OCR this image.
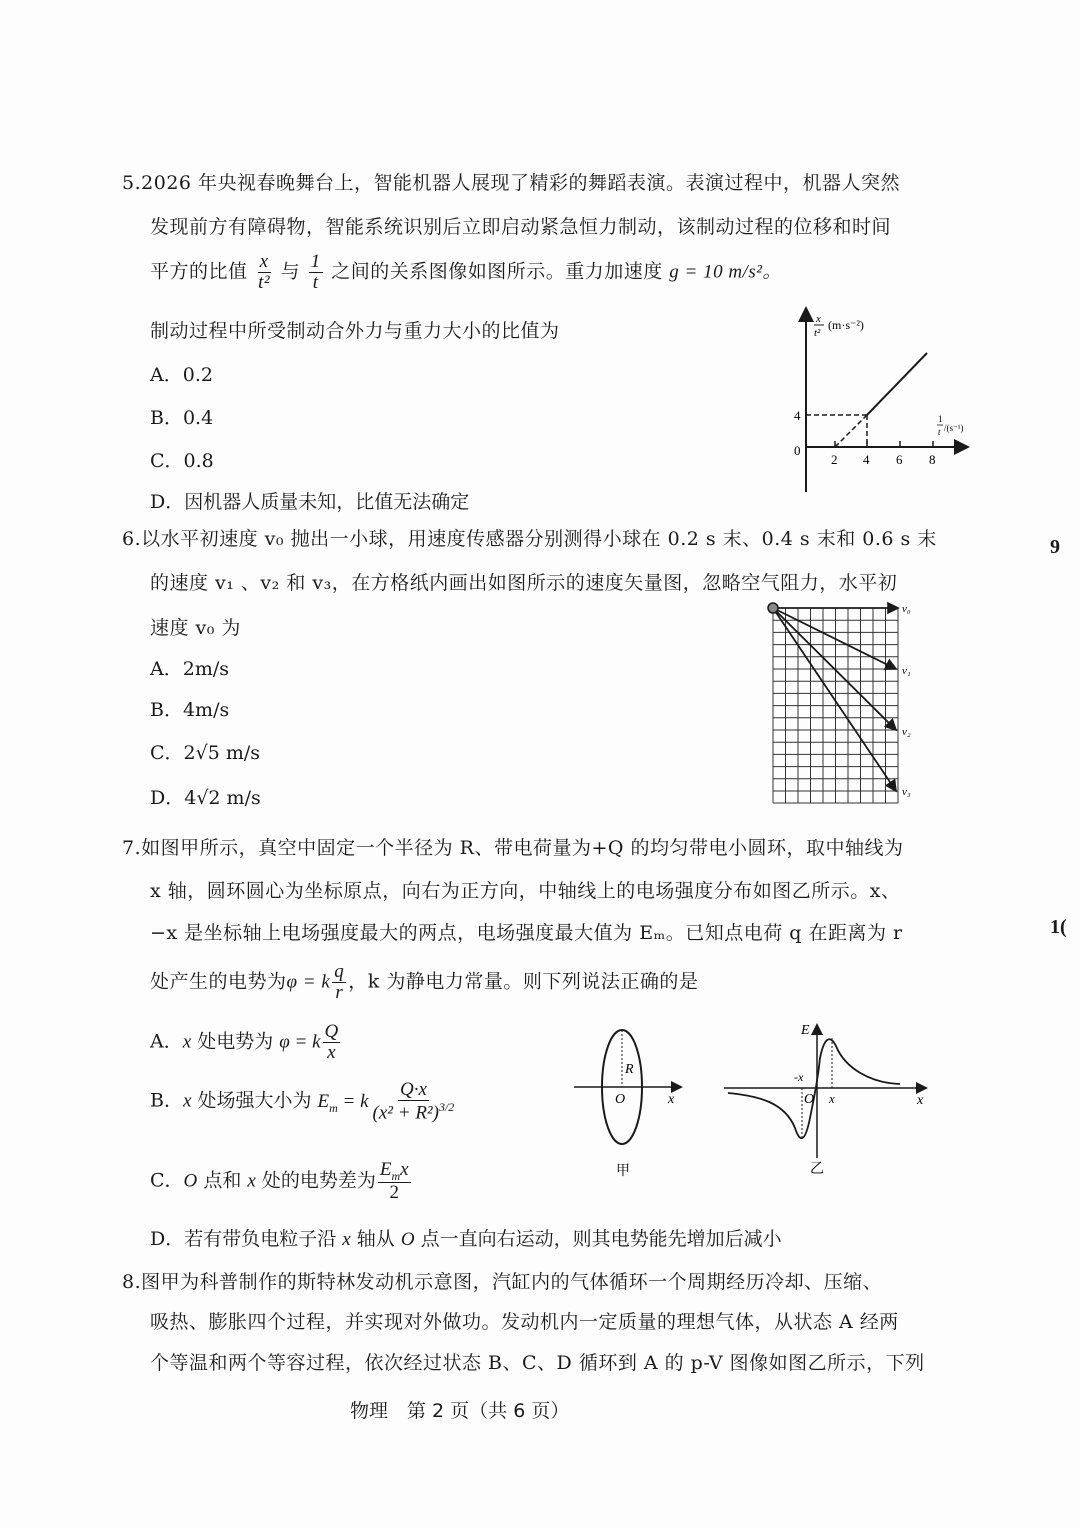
5.2026 年央视春晚舞台上，智能机器人展现了精彩的舞蹈表演。表演过程中，机器人突然
发现前方有障碍物，智能系统识别后立即启动紧急恒力制动，该制动过程的位移和时间
平方的比值 $\frac{x}{\text{t²}}$ 与 $\frac{1}{t}$ 之间的关系图像如图所示。重力加速度 g = 10 m/s²。
制动过程中所受制动合外力与重力大小的比值为
A．0.2
B．0.4
C．0.8
D．因机器人质量未知，比值无法确定
x
t²
(m·s⁻²)
4
0
2 4 6 8
1
t /(s⁻¹)
6.以水平初速度 v₀ 抛出一小球，用速度传感器分别测得小球在 0.2 s 末、0.4 s 末和 0.6 s 末
的速度 v₁ 、v₂ 和 v₃，在方格纸内画出如图所示的速度矢量图，忽略空气阻力，水平初
速度 v₀ 为
A．2m/s
B．4m/s
C．2√5 m/s
D．4√2 m/s
v₀
v₁
v₂
v₃
7.如图甲所示，真空中固定一个半径为 R、带电荷量为+Q 的均匀带电小圆环，取中轴线为
x 轴，圆环圆心为坐标原点，向右为正方向，中轴线上的电场强度分布如图乙所示。x、
−x 是坐标轴上电场强度最大的两点，电场强度最大值为 Eₘ。已知点电荷 q 在距离为 r
处产生的电势为φ = k $\frac{q}{r}$ ，k 为静电力常量。则下列说法正确的是
A．x 处电势为 φ = k $\frac{Q}{x}$
B．x 处场强大小为 $E_m = k \frac{Q\cdot x}{(x^2 + R^2)^{3/2}}$
C．O 点和 x 处的电势差为 $\frac{E_mx}{2}$
D．若有带负电粒子沿 x 轴从 O 点一直向右运动，则其电势能先增加后减小
R
O	x
甲
E
-x
O x	x
乙
8.图甲为科普制作的斯特林发动机示意图，汽缸内的气体循环一个周期经历冷却、压缩、
吸热、膨胀四个过程，并实现对外做功。发动机内一定质量的理想气体，从状态 A 经两
个等温和两个等容过程，依次经过状态 B、C、D 循环到 A 的 p-V 图像如图乙所示，下列
9
1(
物理　第 2 页（共 6 页）
